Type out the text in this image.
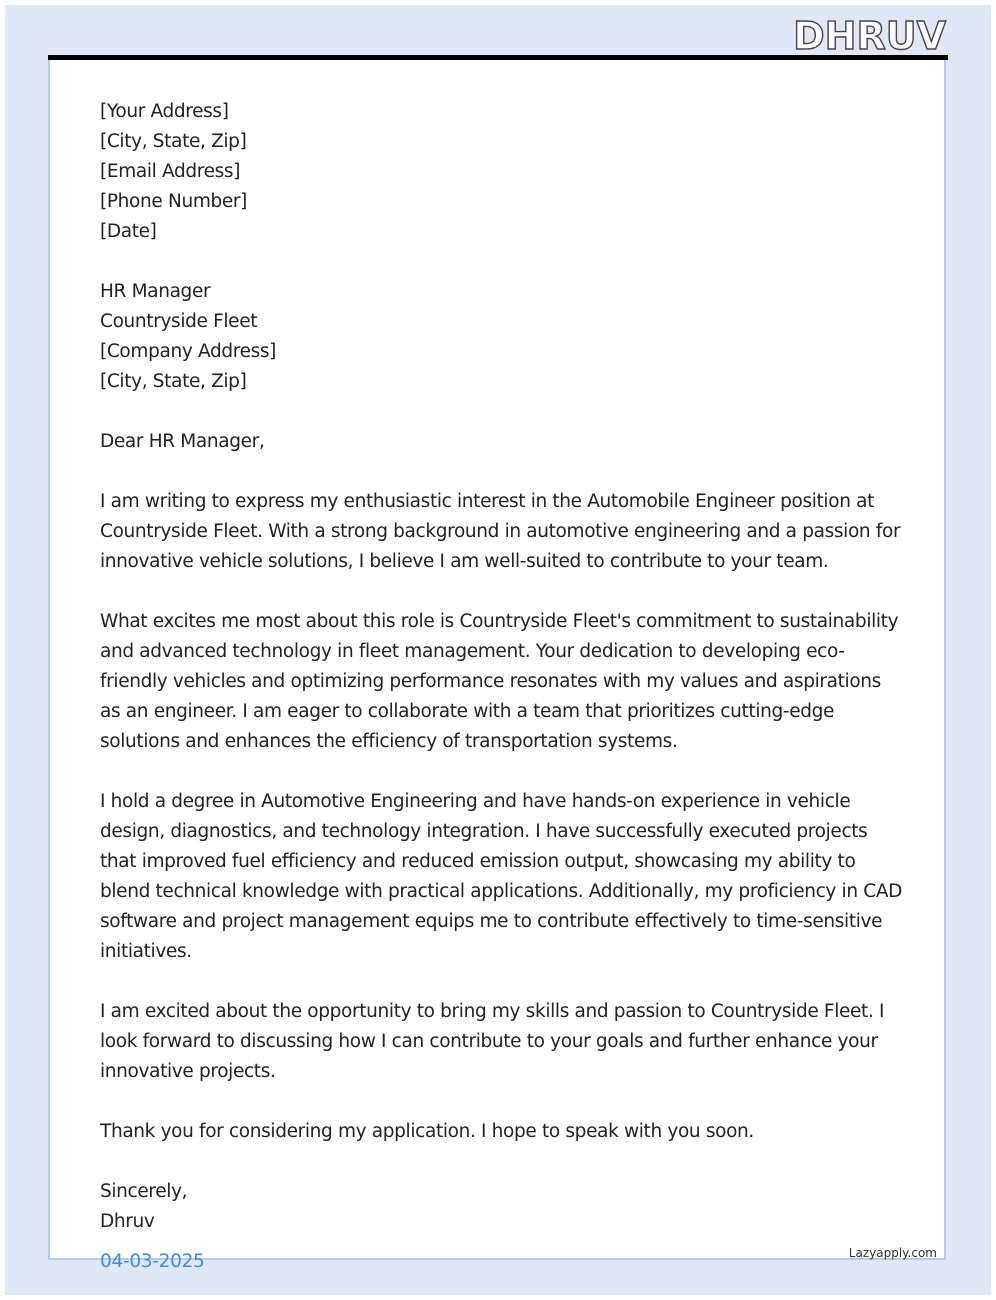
DHRUV
[Your Address]
[City, State, Zip]
[Email Address]
[Phone Number]
[Date]
HR Manager
Countryside Fleet
[Company Address]
[City, State, Zip]
Dear HR Manager,
I am writing to express my enthusiastic interest in the Automobile Engineer position at Countryside Fleet. With a strong background in automotive engineering and a passion for innovative vehicle solutions, I believe I am well-suited to contribute to your team.
What excites me most about this role is Countryside Fleet's commitment to sustainability and advanced technology in fleet management. Your dedication to developing eco-friendly vehicles and optimizing performance resonates with my values and aspirations as an engineer. I am eager to collaborate with a team that prioritizes cutting-edge solutions and enhances the efficiency of transportation systems.
I hold a degree in Automotive Engineering and have hands-on experience in vehicle design, diagnostics, and technology integration. I have successfully executed projects that improved fuel efficiency and reduced emission output, showcasing my ability to blend technical knowledge with practical applications. Additionally, my proficiency in CAD software and project management equips me to contribute effectively to time-sensitive initiatives.
I am excited about the opportunity to bring my skills and passion to Countryside Fleet. I look forward to discussing how I can contribute to your goals and further enhance your innovative projects.
Thank you for considering my application. I hope to speak with you soon.
Sincerely,
Dhruv
04-03-2025	Lazyapply.com
